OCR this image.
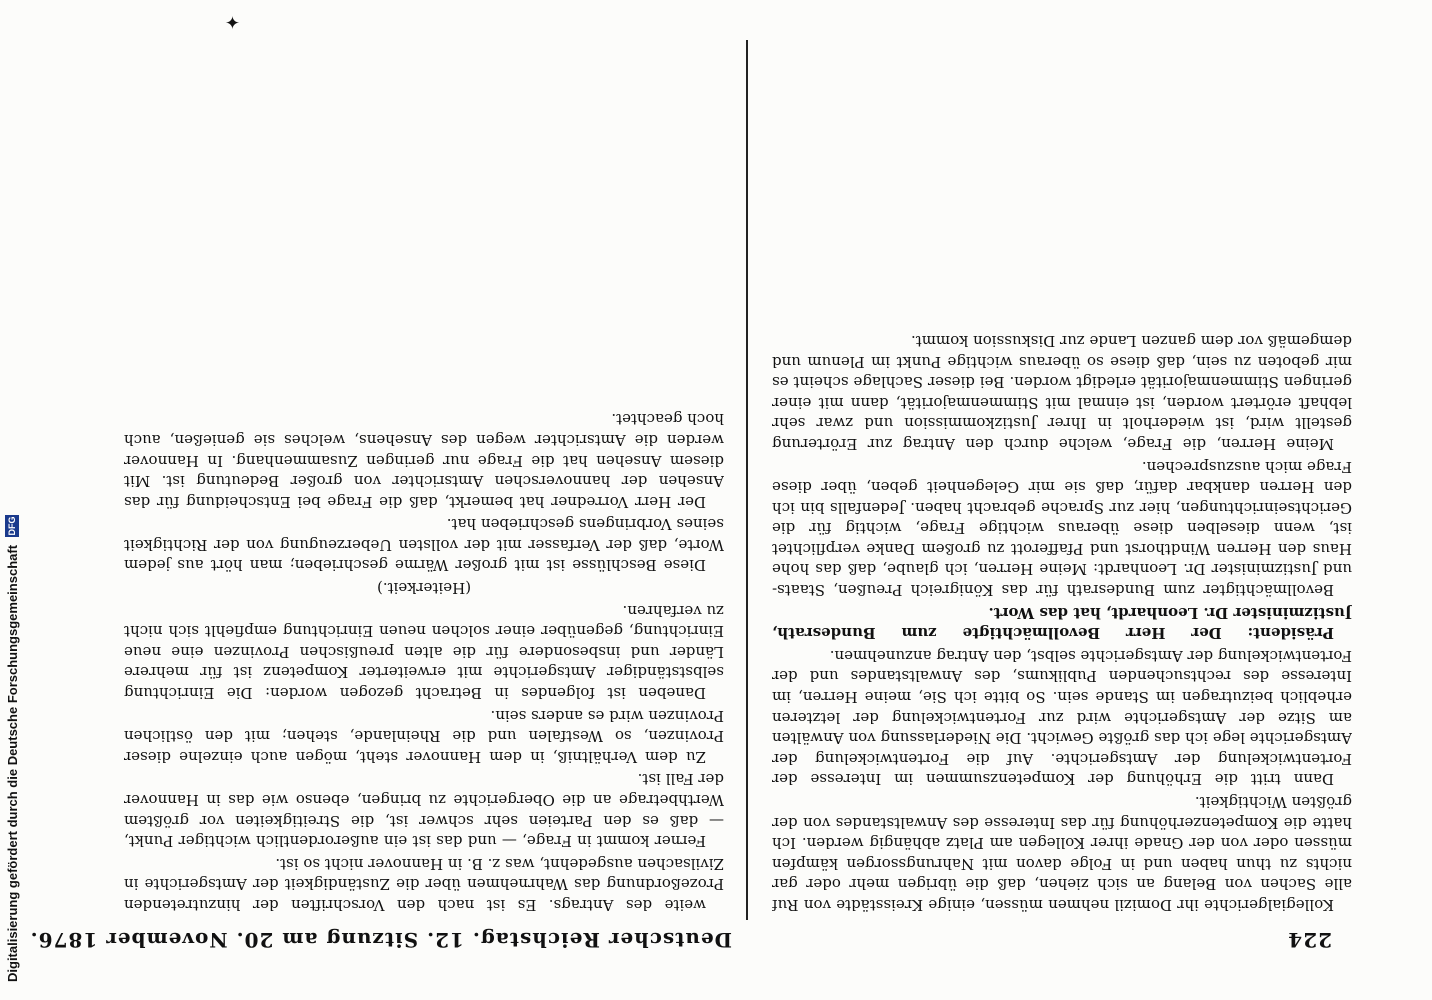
224
Deutscher Reichstag. 12. Sitzung am 20. November 1876.

Kollegialgerichte ihr Domizil nehmen müssen, einige Kreisstädte von Ruf alle Sachen von Belang an sich ziehen, daß die übrigen mehr oder gar nichts zu thun haben und in Folge davon mit Nahrungssorgen kämpfen müssen oder von der Gnade ihrer Kollegen am Platz abhängig werden. Ich hatte die Kompetenzerhöhung für das Interesse des Anwaltstandes von der größten Wichtigkeit.

Dann tritt die Erhöhung der Kompetenzsummen im Interesse der Fortentwickelung der Amtsgerichte. Auf die Fortentwickelung der Amtsgerichte lege ich das größte Gewicht. Die Niederlassung von Anwälten am Sitze der Amtsgerichte wird zur Fortentwickelung der letzteren erheblich beizutragen im Stande sein. So bitte ich Sie, meine Herren, im Interesse des rechtsuchenden Publikums, des Anwaltstandes und der Fortentwickelung der Amtsgerichte selbst, den Antrag anzunehmen.

Präsident: Der Herr Bevollmächtigte zum Bundesrath, Justizminister Dr. Leonhardt, hat das Wort.

Bevollmächtigter zum Bundesrath für das Königreich Preußen, Staats- und Justizminister Dr. Leonhardt: Meine Herren, ich glaube, daß das hohe Haus den Herren Windthorst und Pfafferott zu großem Danke verpflichtet ist, wenn dieselben diese überaus wichtige Frage, wichtig für die Gerichtseinrichtungen, hier zur Sprache gebracht haben. Jedenfalls bin ich den Herren dankbar dafür, daß sie mir Gelegenheit geben, über diese Frage mich auszusprechen.

Meine Herren, die Frage, welche durch den Antrag zur Erörterung gestellt wird, ist wiederholt in Ihrer Justizkommission und zwar sehr lebhaft erörtert worden, ist einmal mit Stimmenmajorität, dann mit einer geringen Stimmenmajorität erledigt worden. Bei dieser Sachlage scheint es mir geboten zu sein, daß diese so überaus wichtige Punkt im Plenum und demgemäß vor dem ganzen Lande zur Diskussion kommt.

weite des Antrags. Es ist nach den Vorschriften der hinzutretenden Prozeßordnung das Wahrnehmen über die Zuständigkeit der Amtsgerichte in Zivilsachen ausgedehnt, was z. B. in Hannover nicht so ist.

Ferner kommt in Frage, — und das ist ein außerordentlich wichtiger Punkt, — daß es den Parteien sehr schwer ist, die Streitigkeiten vor größtem Werthbetrage an die Obergerichte zu bringen, ebenso wie das in Hannover der Fall ist.

Zu dem Verhältniß, in dem Hannover steht, mögen auch einzelne dieser Provinzen, so Westfalen und die Rheinlande, stehen; mit den östlichen Provinzen wird es anders sein.

Daneben ist folgendes in Betracht gezogen worden: Die Einrichtung selbstständiger Amtsgerichte mit erweiterter Kompetenz ist für mehrere Länder und insbesondere für die alten preußischen Provinzen eine neue Einrichtung, gegenüber einer solchen neuen Einrichtung empfiehlt sich nicht zu verfahren.

(Heiterkeit.)

Diese Beschlüsse ist mit großer Wärme geschrieben; man hört aus jedem Worte, daß der Verfasser mit der vollsten Ueberzeugung von der Richtigkeit seines Vorbringens geschrieben hat.

Der Herr Vorredner hat bemerkt, daß die Frage bei Entscheidung für das Ansehen der hannoverschen Amtsrichter von großer Bedeutung ist. Mit diesem Ansehen hat die Frage nur geringen Zusammenhang. In Hannover werden die Amtsrichter wegen des Ansehens, welches sie genießen, auch hoch geachtet.

✦
Digitalisierung gefördert durch die Deutsche Forschungsgemeinschaft
DFG
